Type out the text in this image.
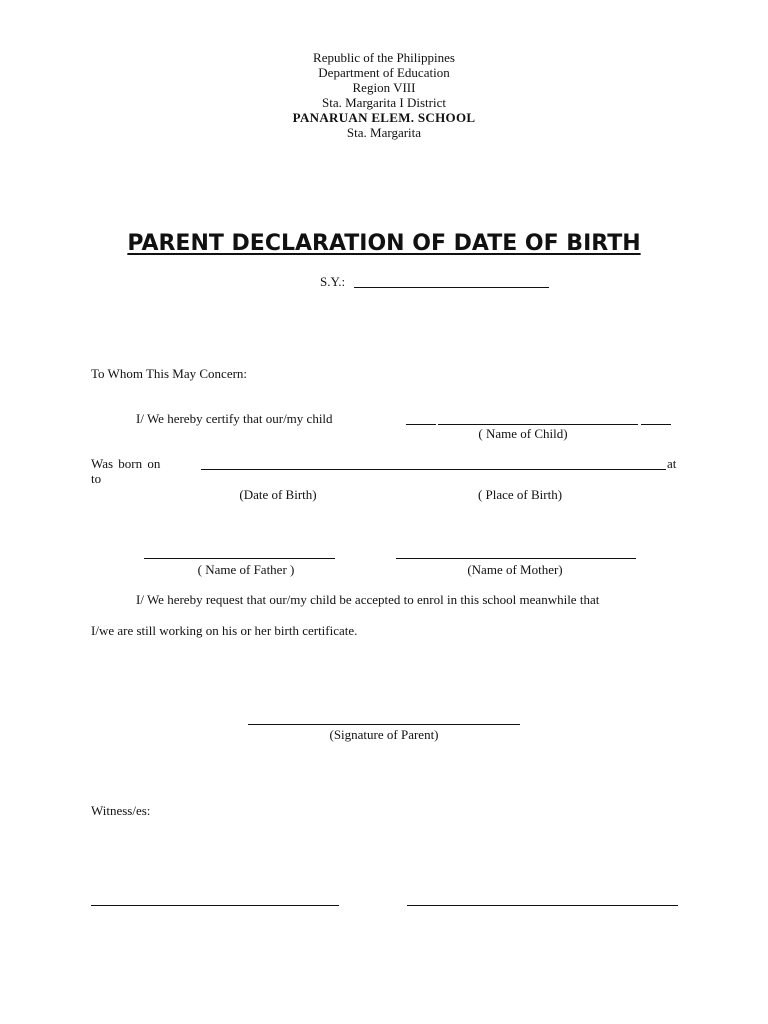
Republic of the Philippines
Department of Education
Region VIII
Sta. Margarita I District
PANARUAN ELEM. SCHOOL
Sta. Margarita
PARENT DECLARATION OF DATE OF BIRTH
S.Y.:
To Whom This May Concern:
I/ We hereby certify that our/my child
( Name of Child)
Was born on	at
to
(Date of Birth)	( Place of Birth)
( Name of Father )	(Name of Mother)
I/ We hereby request that our/my child be accepted to enrol in this school meanwhile that
I/we are still working on his or her birth certificate.
(Signature of Parent)
Witness/es:
